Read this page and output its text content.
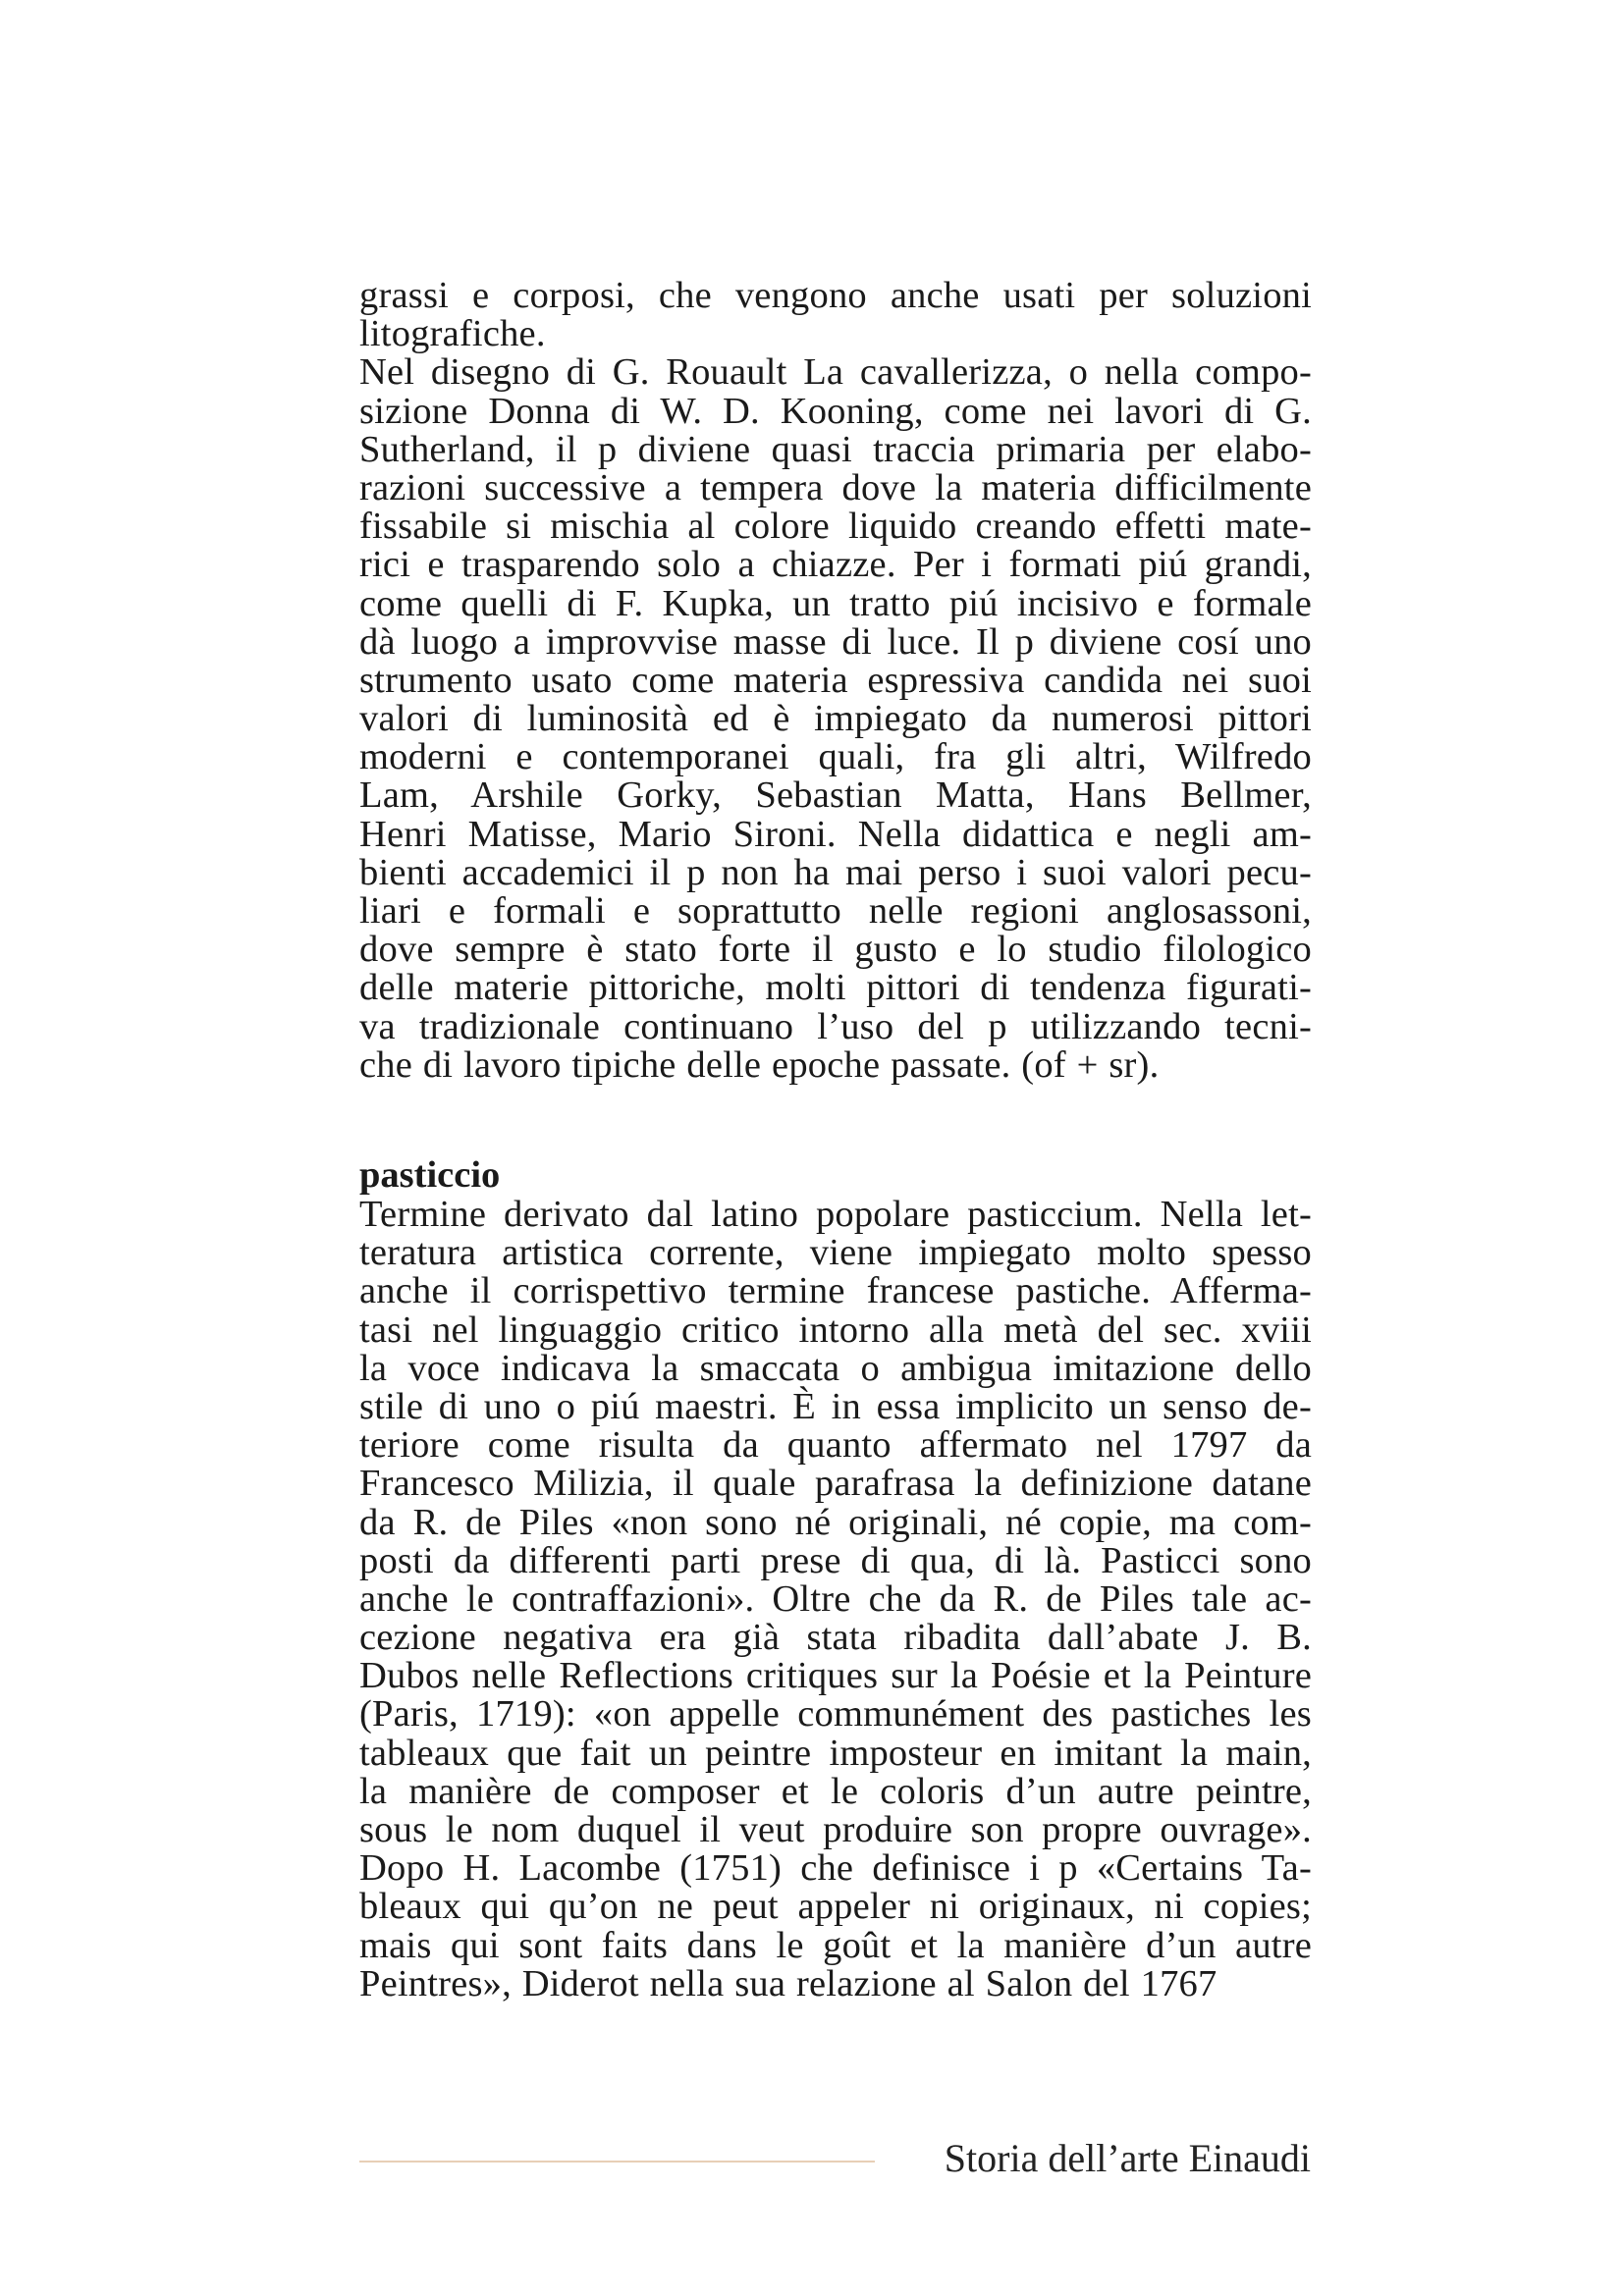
grassi e corposi, che vengono anche usati per soluzioni
litografiche.
Nel disegno di G. Rouault La cavallerizza, o nella compo-
sizione Donna di W. D. Kooning, come nei lavori di G.
Sutherland, il p diviene quasi traccia primaria per elabo-
razioni successive a tempera dove la materia difficilmente
fissabile si mischia al colore liquido creando effetti mate-
rici e trasparendo solo a chiazze. Per i formati piú grandi,
come quelli di F. Kupka, un tratto piú incisivo e formale
dà luogo a improvvise masse di luce. Il p diviene cosí uno
strumento usato come materia espressiva candida nei suoi
valori di luminosità ed è impiegato da numerosi pittori
moderni e contemporanei quali, fra gli altri, Wilfredo
Lam, Arshile Gorky, Sebastian Matta, Hans Bellmer,
Henri Matisse, Mario Sironi. Nella didattica e negli am-
bienti accademici il p non ha mai perso i suoi valori pecu-
liari e formali e soprattutto nelle regioni anglosassoni,
dove sempre è stato forte il gusto e lo studio filologico
delle materie pittoriche, molti pittori di tendenza figurati-
va tradizionale continuano l’uso del p utilizzando tecni-
che di lavoro tipiche delle epoche passate. (of + sr).
pasticcio
Termine derivato dal latino popolare pasticcium. Nella let-
teratura artistica corrente, viene impiegato molto spesso
anche il corrispettivo termine francese pastiche. Afferma-
tasi nel linguaggio critico intorno alla metà del sec. xviii
la voce indicava la smaccata o ambigua imitazione dello
stile di uno o piú maestri. È in essa implicito un senso de-
teriore come risulta da quanto affermato nel 1797 da
Francesco Milizia, il quale parafrasa la definizione datane
da R. de Piles «non sono né originali, né copie, ma com-
posti da differenti parti prese di qua, di là. Pasticci sono
anche le contraffazioni». Oltre che da R. de Piles tale ac-
cezione negativa era già stata ribadita dall’abate J. B.
Dubos nelle Reflections critiques sur la Poésie et la Peinture
(Paris, 1719): «on appelle communément des pastiches les
tableaux que fait un peintre imposteur en imitant la main,
la manière de composer et le coloris d’un autre peintre,
sous le nom duquel il veut produire son propre ouvrage».
Dopo H. Lacombe (1751) che definisce i p «Certains Ta-
bleaux qui qu’on ne peut appeler ni originaux, ni copies;
mais qui sont faits dans le goût et la manière d’un autre
Peintres», Diderot nella sua relazione al Salon del 1767
Storia dell’arte Einaudi
